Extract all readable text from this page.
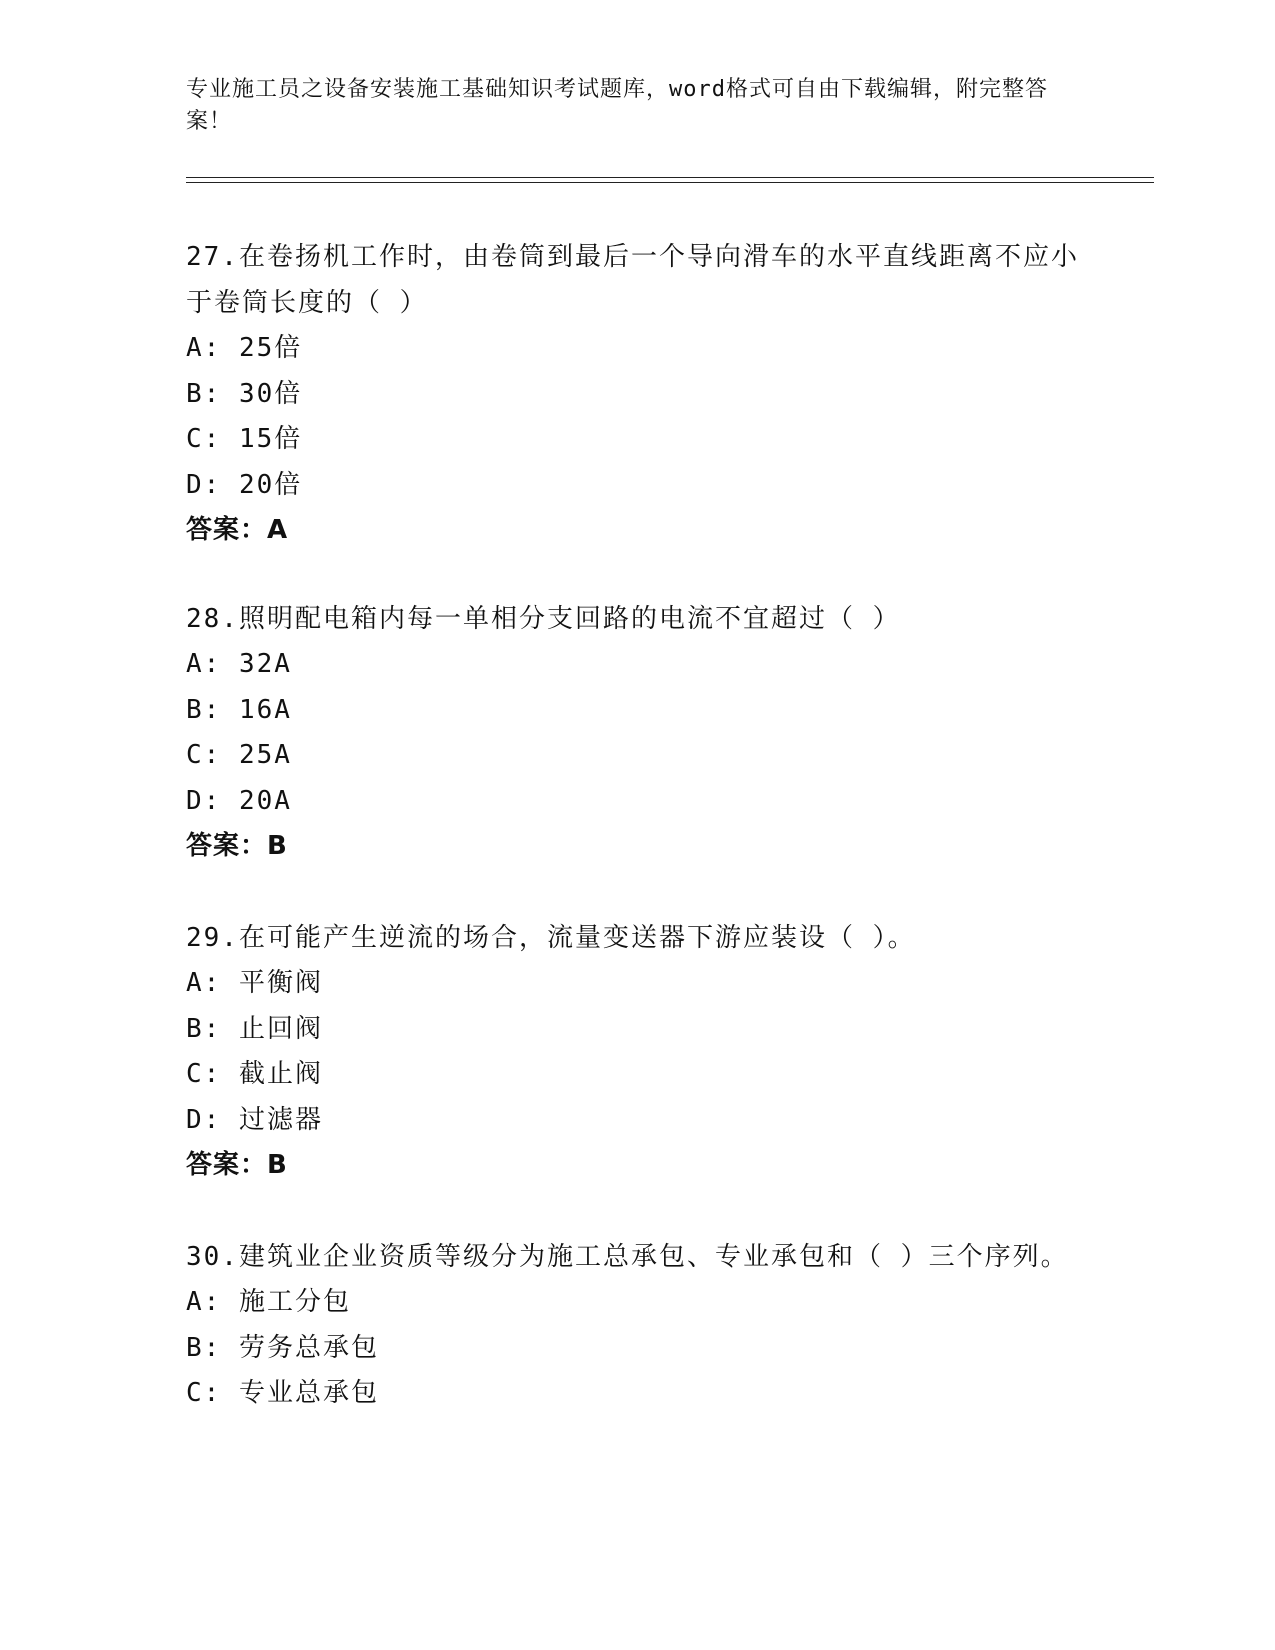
专业施工员之设备安装施工基础知识考试题库，word格式可自由下载编辑，附完整答案！

27.在卷扬机工作时，由卷筒到最后一个导向滑车的水平直线距离不应小于卷筒长度的（ ）

A: 25倍

B: 30倍

C: 15倍

D: 20倍

答案：A

28.照明配电箱内每一单相分支回路的电流不宜超过（ ）

A: 32A

B: 16A

C: 25A

D: 20A

答案：B

29.在可能产生逆流的场合，流量变送器下游应装设（ ）。

A: 平衡阀

B: 止回阀

C: 截止阀

D: 过滤器

答案：B

30.建筑业企业资质等级分为施工总承包、专业承包和（ ）三个序列。

A: 施工分包

B: 劳务总承包

C: 专业总承包
